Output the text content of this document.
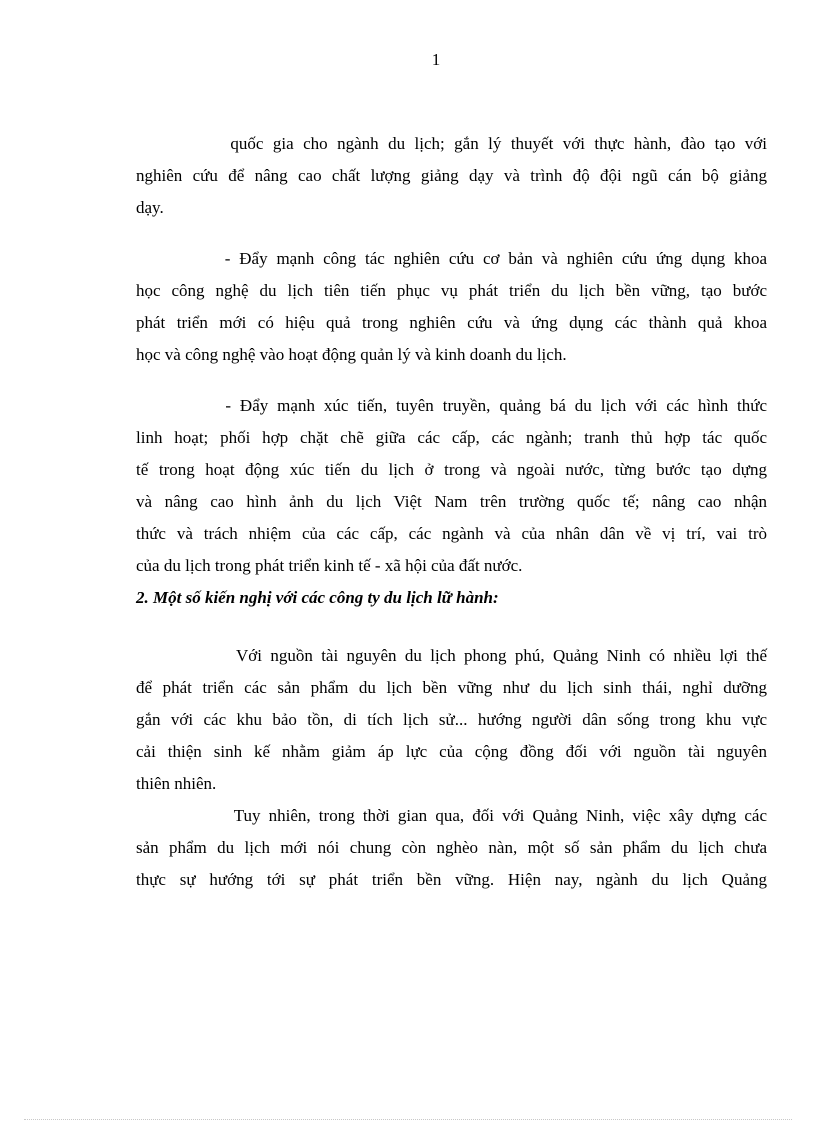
1

quốc gia cho ngành du lịch; gắn lý thuyết với thực hành, đào tạo với
nghiên cứu để nâng cao chất lượng giảng dạy và trình độ đội ngũ cán bộ giảng
dạy.

- Đẩy mạnh công tác nghiên cứu cơ bản và nghiên cứu ứng dụng khoa
học công nghệ du lịch tiên tiến phục vụ phát triển du lịch bền vững, tạo bước
phát triển mới có hiệu quả trong nghiên cứu và ứng dụng các thành quả khoa
học và công nghệ vào hoạt động quản lý và kinh doanh du lịch.

- Đẩy mạnh xúc tiến, tuyên truyền, quảng bá du lịch với các hình thức
linh hoạt; phối hợp chặt chẽ giữa các cấp, các ngành; tranh thủ hợp tác quốc
tế trong hoạt động xúc tiến du lịch ở trong và ngoài nước, từng bước tạo dựng
và nâng cao hình ảnh du lịch Việt Nam trên trường quốc tế; nâng cao nhận
thức và trách nhiệm của các cấp, các ngành và của nhân dân về vị trí, vai trò
của du lịch trong phát triển kinh tế - xã hội của đất nước.

2. Một số kiến nghị với các công ty du lịch lữ hành:

Với nguồn tài nguyên du lịch phong phú, Quảng Ninh có nhiều lợi thế
để phát triển các sản phẩm du lịch bền vững như du lịch sinh thái, nghỉ dưỡng
gắn với các khu bảo tồn, di tích lịch sử... hướng người dân sống trong khu vực
cải thiện sinh kế nhằm giảm áp lực của cộng đồng đối với nguồn tài nguyên
thiên nhiên.

Tuy nhiên, trong thời gian qua, đối với Quảng Ninh, việc xây dựng các
sản phẩm du lịch mới nói chung còn nghèo nàn, một số sản phẩm du lịch chưa
thực sự hướng tới sự phát triển bền vững. Hiện nay, ngành du lịch Quảng
